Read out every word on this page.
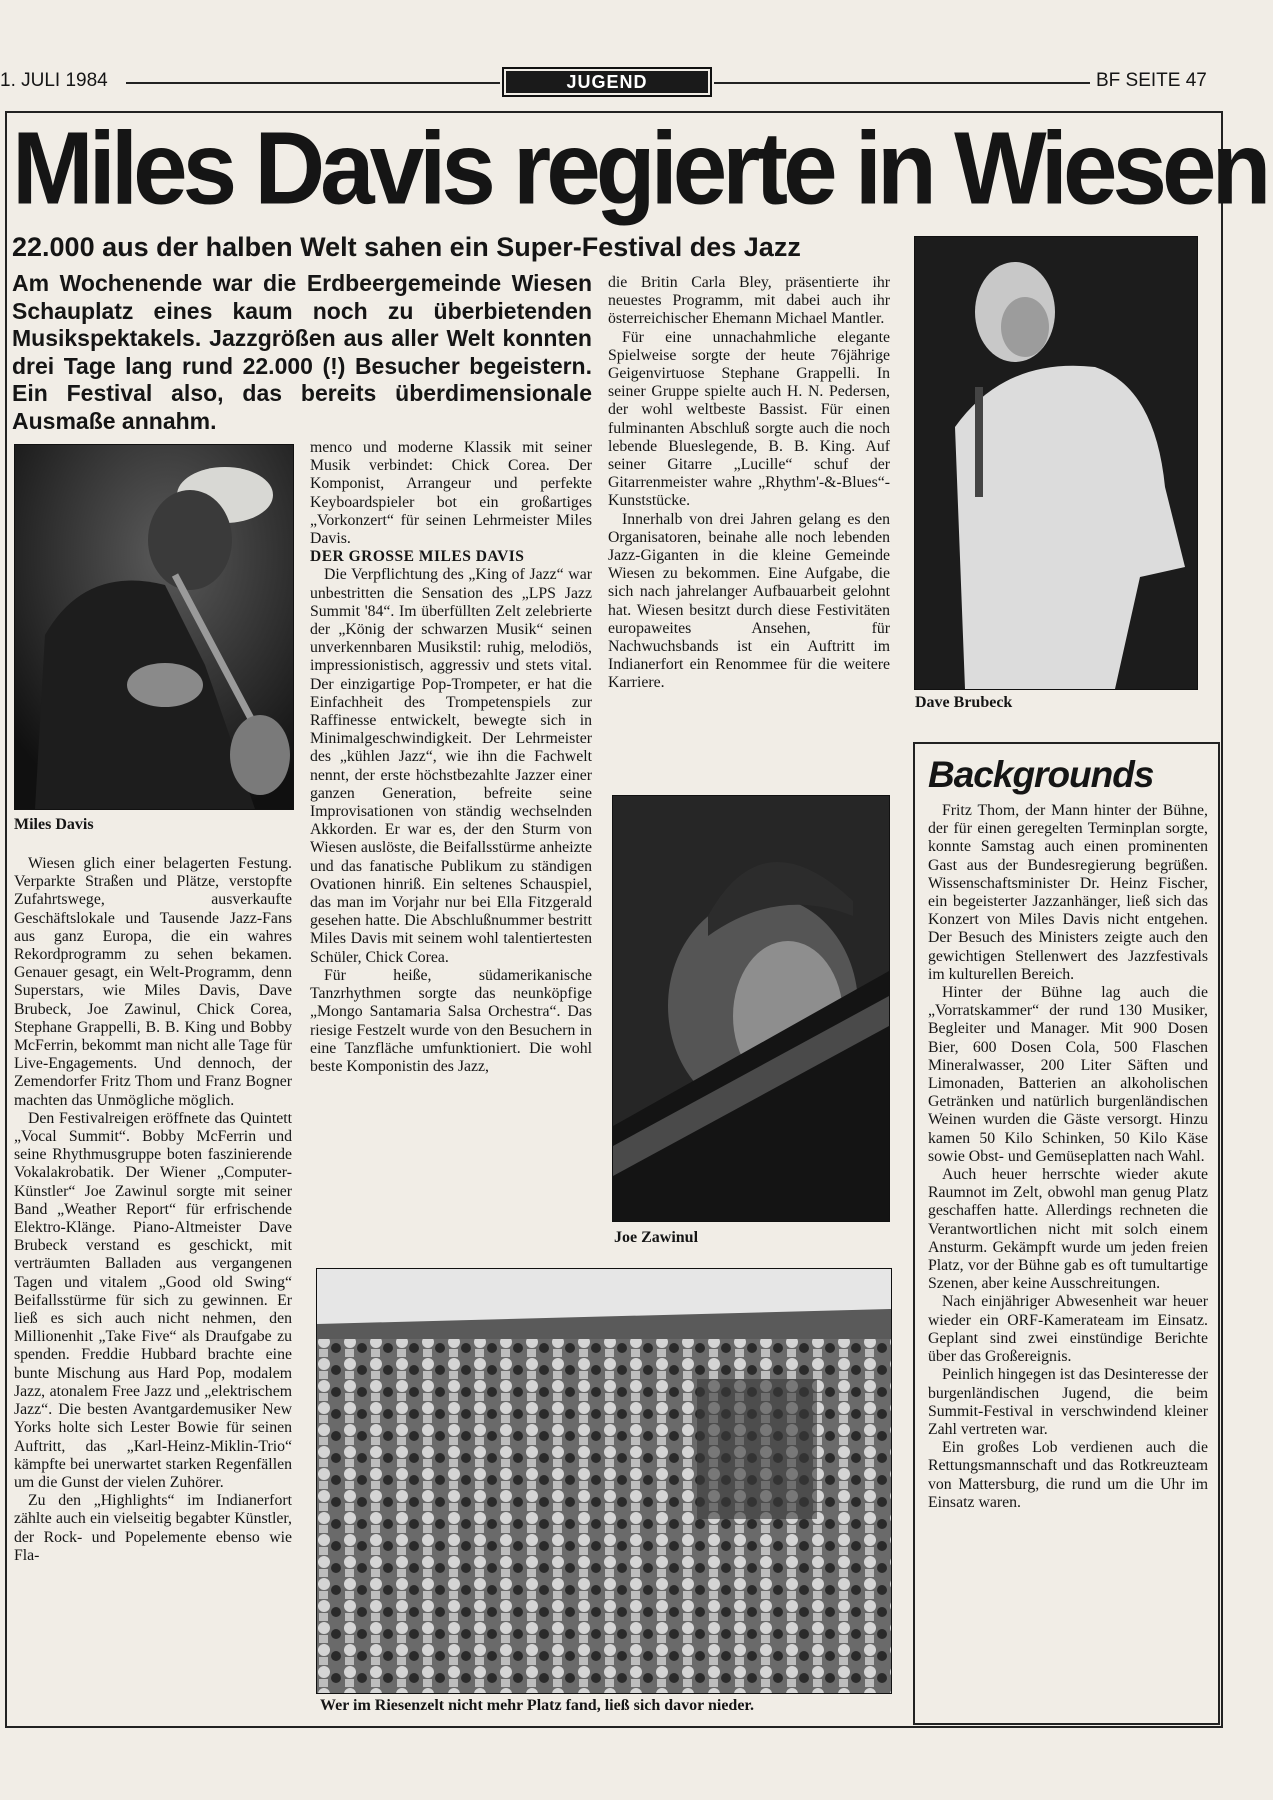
1. JULI 1984	JUGEND	BF SEITE 47
Miles Davis regierte in Wiesen
22.000 aus der halben Welt sahen ein Super-Festival des Jazz
Am Wochenende war die Erdbeergemeinde Wiesen Schauplatz eines kaum noch zu überbietenden Musikspektakels. Jazzgrößen aus aller Welt konnten drei Tage lang rund 22.000 (!) Besucher begeistern. Ein Festival also, das bereits überdimensionale Ausmaße annahm.
Miles Davis

Wiesen glich einer belagerten Festung. Verparkte Straßen und Plätze, verstopfte Zufahrtswege, ausverkaufte Geschäftslokale und Tausende Jazz-Fans aus ganz Europa, die ein wahres Rekordprogramm zu sehen bekamen. Genauer gesagt, ein Welt-Programm, denn Superstars, wie Miles Davis, Dave Brubeck, Joe Zawinul, Chick Corea, Stephane Grappelli, B. B. King und Bobby McFerrin, bekommt man nicht alle Tage für Live-Engagements. Und dennoch, der Zemendorfer Fritz Thom und Franz Bogner machten das Unmögliche möglich.

Den Festivalreigen eröffnete das Quintett „Vocal Summit“. Bobby McFerrin und seine Rhythmusgruppe boten faszinierende Vokalakrobatik. Der Wiener „Computer-Künstler“ Joe Zawinul sorgte mit seiner Band „Weather Report“ für erfrischende Elektro-Klänge. Piano-Altmeister Dave Brubeck verstand es geschickt, mit verträumten Balladen aus vergangenen Tagen und vitalem „Good old Swing“ Beifallsstürme für sich zu gewinnen. Er ließ es sich auch nicht nehmen, den Millionenhit „Take Five“ als Draufgabe zu spenden. Freddie Hubbard brachte eine bunte Mischung aus Hard Pop, modalem Jazz, atonalem Free Jazz und „elektrischem Jazz“. Die besten Avantgardemusiker New Yorks holte sich Lester Bowie für seinen Auftritt, das „Karl-Heinz-Miklin-Trio“ kämpfte bei unerwartet starken Regenfällen um die Gunst der vielen Zuhörer.

Zu den „Highlights“ im Indianerfort zählte auch ein vielseitig begabter Künstler, der Rock- und Popelemente ebenso wie Fla-

menco und moderne Klassik mit seiner Musik verbindet: Chick Corea. Der Komponist, Arrangeur und perfekte Keyboardspieler bot ein großartiges „Vorkonzert“ für seinen Lehrmeister Miles Davis.

DER GROSSE MILES DAVIS

Die Verpflichtung des „King of Jazz“ war unbestritten die Sensation des „LPS Jazz Summit '84“. Im überfüllten Zelt zelebrierte der „König der schwarzen Musik“ seinen unverkennbaren Musikstil: ruhig, melodiös, impressionistisch, aggressiv und stets vital. Der einzigartige Pop-Trompeter, er hat die Einfachheit des Trompetenspiels zur Raffinesse entwickelt, bewegte sich in Minimalgeschwindigkeit. Der Lehrmeister des „kühlen Jazz“, wie ihn die Fachwelt nennt, der erste höchstbezahlte Jazzer einer ganzen Generation, befreite seine Improvisationen von ständig wechselnden Akkorden. Er war es, der den Sturm von Wiesen auslöste, die Beifallsstürme anheizte und das fanatische Publikum zu ständigen Ovationen hinriß. Ein seltenes Schauspiel, das man im Vorjahr nur bei Ella Fitzgerald gesehen hatte. Die Abschlußnummer bestritt Miles Davis mit seinem wohl talentiertesten Schüler, Chick Corea.

Für heiße, südamerikanische Tanzrhythmen sorgte das neunköpfige „Mongo Santamaria Salsa Orchestra“. Das riesige Festzelt wurde von den Besuchern in eine Tanzfläche umfunktioniert. Die wohl beste Komponistin des Jazz,

die Britin Carla Bley, präsentierte ihr neuestes Programm, mit dabei auch ihr österreichischer Ehemann Michael Mantler.

Für eine unnachahmliche elegante Spielweise sorgte der heute 76jährige Geigenvirtuose Stephane Grappelli. In seiner Gruppe spielte auch H. N. Pedersen, der wohl weltbeste Bassist. Für einen fulminanten Abschluß sorgte auch die noch lebende Blueslegende, B. B. King. Auf seiner Gitarre „Lucille“ schuf der Gitarrenmeister wahre „Rhythm'-&-Blues“-Kunststücke.

Innerhalb von drei Jahren gelang es den Organisatoren, beinahe alle noch lebenden Jazz-Giganten in die kleine Gemeinde Wiesen zu bekommen. Eine Aufgabe, die sich nach jahrelanger Aufbauarbeit gelohnt hat. Wiesen besitzt durch diese Festivitäten europaweites Ansehen, für Nachwuchsbands ist ein Auftritt im Indianerfort ein Renommee für die weitere Karriere.

Joe Zawinul
Dave Brubeck
Wer im Riesenzelt nicht mehr Platz fand, ließ sich davor nieder.
Backgrounds

Fritz Thom, der Mann hinter der Bühne, der für einen geregelten Terminplan sorgte, konnte Samstag auch einen prominenten Gast aus der Bundesregierung begrüßen. Wissenschaftsminister Dr. Heinz Fischer, ein begeisterter Jazzanhänger, ließ sich das Konzert von Miles Davis nicht entgehen. Der Besuch des Ministers zeigte auch den gewichtigen Stellenwert des Jazzfestivals im kulturellen Bereich.

Hinter der Bühne lag auch die „Vorratskammer“ der rund 130 Musiker, Begleiter und Manager. Mit 900 Dosen Bier, 600 Dosen Cola, 500 Flaschen Mineralwasser, 200 Liter Säften und Limonaden, Batterien an alkoholischen Getränken und natürlich burgenländischen Weinen wurden die Gäste versorgt. Hinzu kamen 50 Kilo Schinken, 50 Kilo Käse sowie Obst- und Gemüseplatten nach Wahl.

Auch heuer herrschte wieder akute Raumnot im Zelt, obwohl man genug Platz geschaffen hatte. Allerdings rechneten die Verantwortlichen nicht mit solch einem Ansturm. Gekämpft wurde um jeden freien Platz, vor der Bühne gab es oft tumultartige Szenen, aber keine Ausschreitungen.

Nach einjähriger Abwesenheit war heuer wieder ein ORF-Kamerateam im Einsatz. Geplant sind zwei einstündige Berichte über das Großereignis.

Peinlich hingegen ist das Desinteresse der burgenländischen Jugend, die beim Summit-Festival in verschwindend kleiner Zahl vertreten war.

Ein großes Lob verdienen auch die Rettungsmannschaft und das Rotkreuzteam von Mattersburg, die rund um die Uhr im Einsatz waren.
